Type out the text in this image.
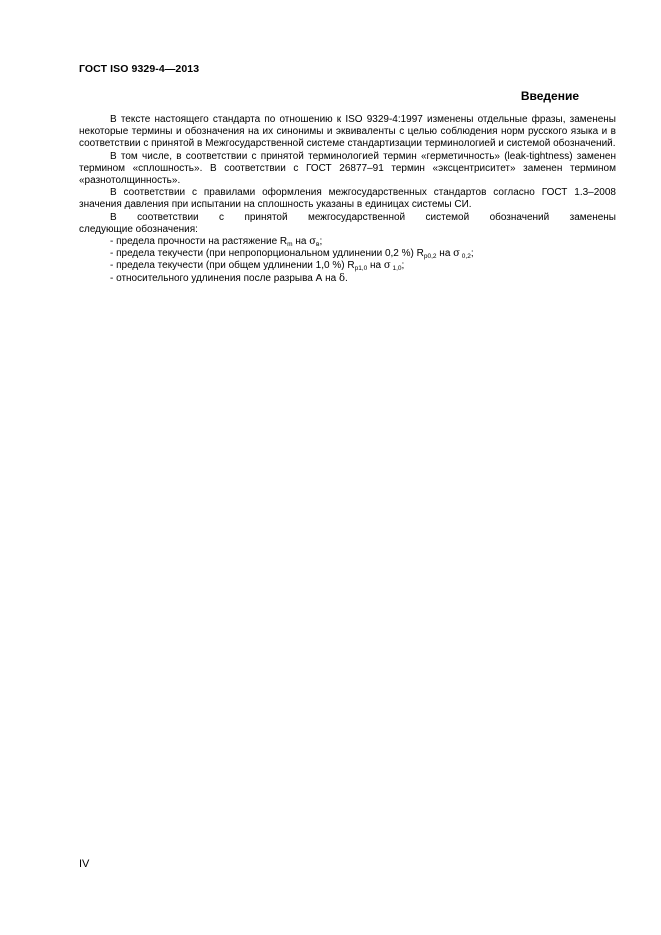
ГОСТ ISO 9329-4—2013
Введение

В тексте настоящего стандарта по отношению к ISO 9329-4:1997 изменены отдельные фразы, заменены некоторые термины и обозначения на их синонимы и эквиваленты с целью соблюдения норм русского языка и в соответствии с принятой в Межгосударственной системе стандартизации терминологией и системой обозначений.

В том числе, в соответствии с принятой терминологией термин «герметичность» (leak-tightness) заменен термином «сплошность». В соответствии с ГОСТ 26877–91 термин «эксцентриситет» заменен термином «разнотолщинность».

В соответствии с правилами оформления межгосударственных стандартов согласно ГОСТ 1.3–2008 значения давления при испытании на сплошность указаны в единицах системы СИ.

В соответствии с принятой межгосударственной системой обозначений заменены

следующие обозначения:

- предела прочности на растяжение $R_m$ на $\sigma_в$;
- предела текучести (при непропорциональном удлинении 0,2 %) $R_{p0,2}$ на σ $_{0,2}$;
- предела текучести (при общем удлинении 1,0 %) $R_{p1,0}$ на σ $_{1,0}$;
- относительного удлинения после разрыва А на δ.
IV
